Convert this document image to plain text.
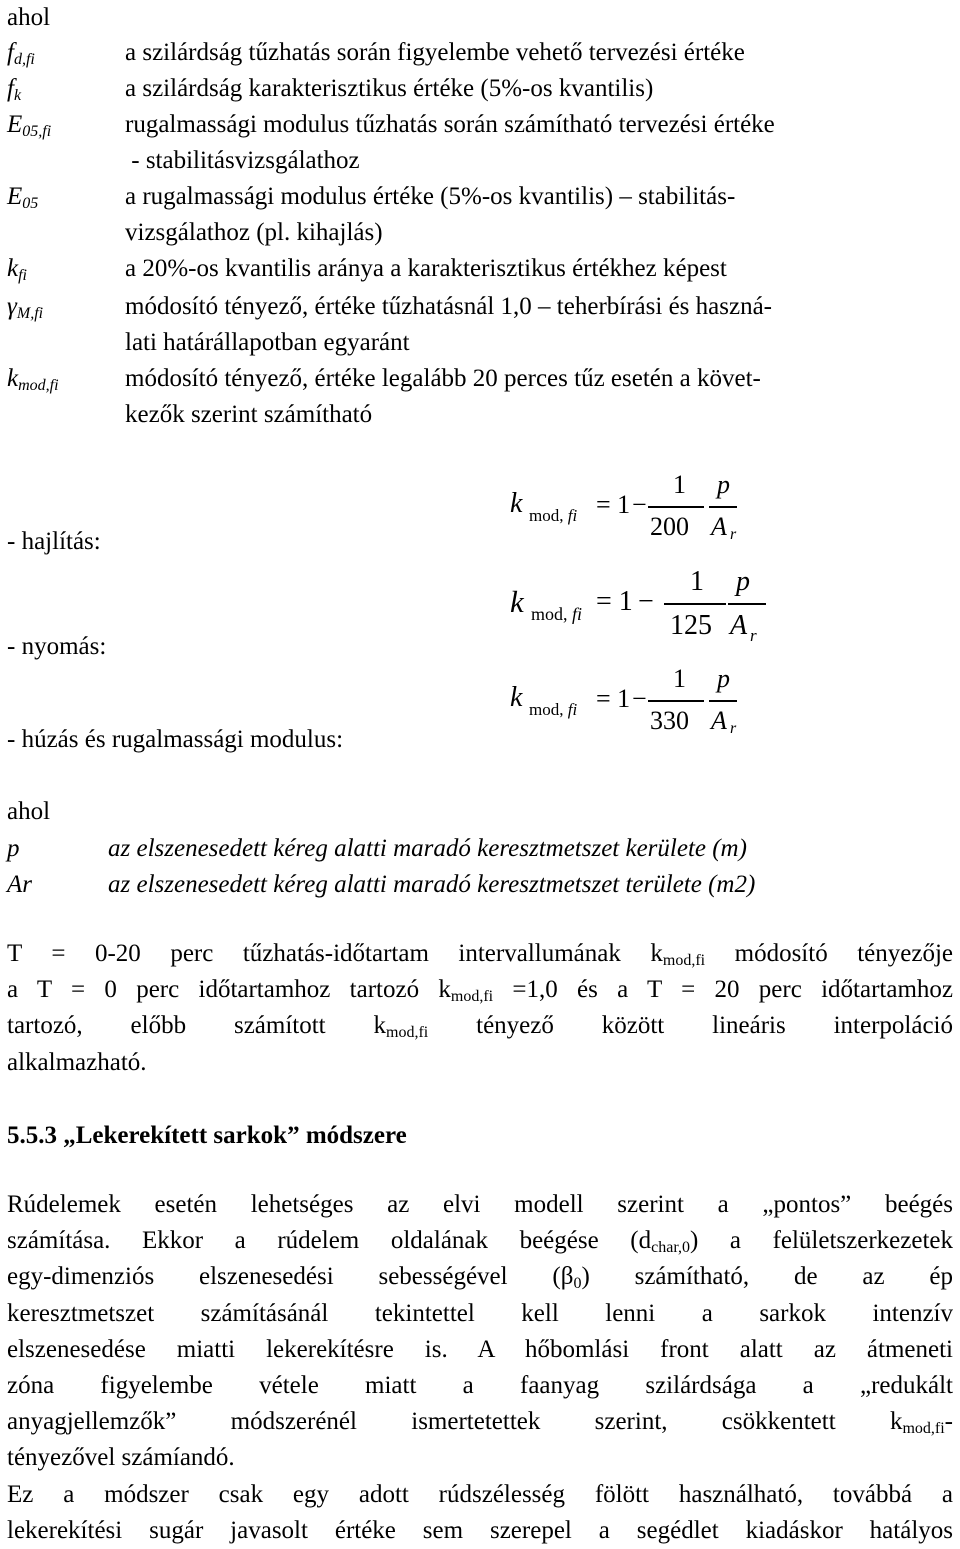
ahol
$f_{d,fi}$	a szilárdság tűzhatás során figyelembe vehető tervezési értéke
$f_k$	a szilárdság karakterisztikus értéke (5%-os kvantilis)
$E_{05,fi}$	rugalmassági modulus tűzhatás során számítható tervezési értéke
- stabilitásvizsgálathoz
$E_{05}$	a rugalmassági modulus értéke (5%-os kvantilis) – stabilitás-
vizsgálathoz (pl. kihajlás)
$k_{fi}$	a 20%-os kvantilis aránya a karakterisztikus értékhez képest
$\gamma_{M,fi}$	módosító tényező, értéke tűzhatásnál 1,0 – teherbírási és haszná-
lati határállapotban egyaránt
$k_{mod,fi}$	módosító tényező, értéke legalább 20 perces tűz esetén a követ-
kezők szerint számítható
- hajlítás:
- nyomás:
- húzás és rugalmassági modulus:
k mod, fi = 1 −
1 p
200 A r
k mod, fi = 1 −
1 p
125 A r
k mod, fi = 1 −
1 p
330 A r
ahol
p	az elszenesedett kéreg alatti maradó keresztmetszet kerülete (m)
Ar	az elszenesedett kéreg alatti maradó keresztmetszet területe (m2)
T = 0-20 perc tűzhatás-időtartam intervallumának $k_{mod,fi}$ módosító tényezője
a T = 0 perc időtartamhoz tartozó $k_{mod,fi} =1,0$ és a T = 20 perc időtartamhoz
tartozó, előbb számított $k_{mod,fi}$ tényező között lineáris interpoláció
alkalmazható.
5.5.3 „Lekerekített sarkok” módszere
Rúdelemek esetén lehetséges az elvi modell szerint a „pontos” beégés
számítása. Ekkor a rúdelem oldalának beégése $(d_{char,0})$ a felületszerkezetek
egy-dimenziós elszenesedési sebességével $(\beta_0)$ számítható, de az ép
keresztmetszet számításánál tekintettel kell lenni a sarkok intenzív
elszenesedése miatti lekerekítésre is. A hőbomlási front alatt az átmeneti
zóna figyelembe vétele miatt a faanyag szilárdsága a „redukált
anyagjellemzők” módszerénél ismertetettek szerint, csökkentett $k_{mod,fi}-$
tényezővel számíandó.
Ez a módszer csak egy adott rúdszélesség fölött használható, továbbá a
lekerekítési sugár javasolt értéke sem szerepel a segédlet kiadáskor hatályos
